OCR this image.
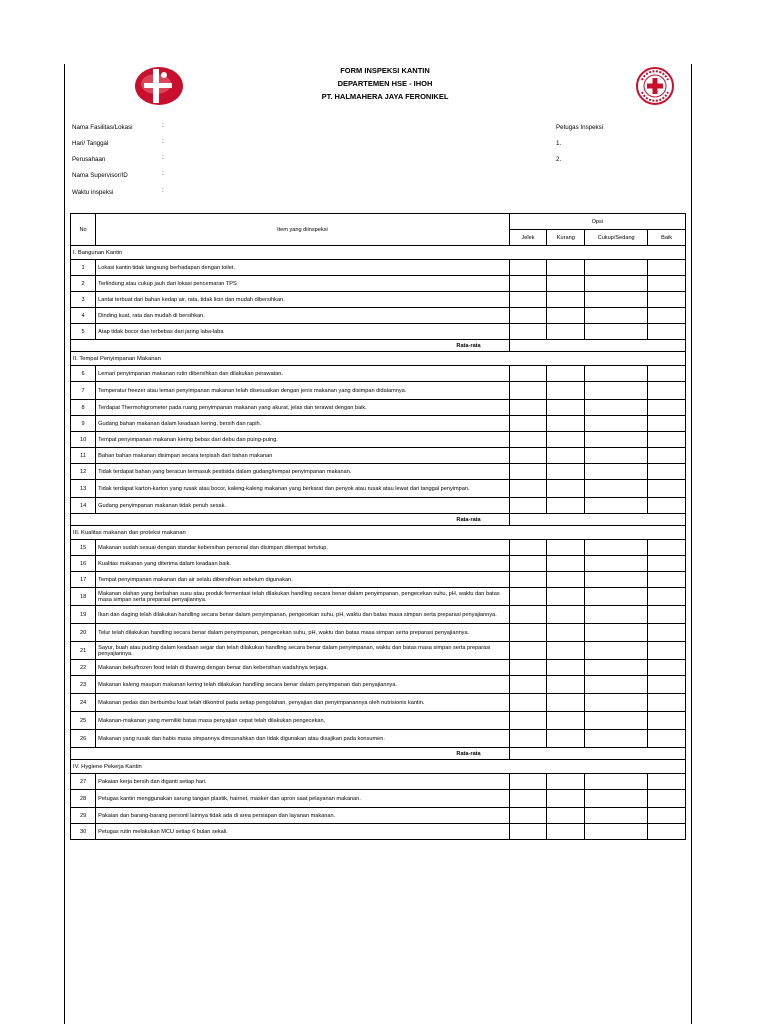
FORM INSPEKSI KANTIN
DEPARTEMEN HSE - IHOH
PT. HALMAHERA JAYA FERONIKEL
Nama Fasilitas/Lokasi	:
Hari/ Tanggal	:
Perusahaan	:
Nama Supervisor/ID	:
Waktu inspeksi	:
Petugas Inspeksi
1.
2.
No	Item yang diinspeksi	Opsi			
		Jelek	Kurang	Cukup/Sedang	Baik
I. Bangunan Kantin					
1	Lokasi kantin tidak langsung berhadapan dengan toilet.				
2	Terlindung atau cukup jauh dari lokasi pencemaran TPS				
3	Lantai terbuat dari bahan kedap air, rata, tidak licin dan mudah dibersihkan.				
4	Dinding kuat, rata dan mudah di bersihkan.				
5	Atap tidak bocor dan terbebas dari jaring laba-laba				
Rata-rata					
II. Tempat Penyimpanan Makanan					
6	Lemari penyimpanan makanan rutin dibersihkan dan dilakukan perawatan.				
7	Temperatur freezer atau lemari penyimpanan makanan telah disesuaikan dengan jenis makanan yang disimpan didalamnya.				
8	Terdapat Thermohigrometer pada ruang penyimpanan makanan yang akurat, jelas dan terawat dengan baik.				
9	Gudang bahan makanan dalam keadaan kering, bersih dan rapih.				
10	Tempat penyimpanan makanan kering bebas dari debu dan puing-puing.				
11	Bahan bahan makanan disimpan secara terpisah dari bahan makanan				
12	Tidak terdapat bahan yang beracun termasuk pestisida dalam gudang/tempat penyimpanan makanan.				
13	Tidak terdapat karton-karton yang rusak atau bocor, kaleng-kaleng makanan yang berkarat dan penyok atau rusak atau lewat dari tanggal penyimpan.				
14	Gudang penyimpanan makanan tidak penuh sesak.				
Rata-rata					
III. Kualitas makanan dan proteksi makanan					
15	Makanan sudah sesuai dengan standar kebersihan personal dan disimpan ditempat tertutup.				
16	Kualitas makanan yang diterima dalam keadaan baik.				
17	Tempat penyimpanan makanan dan air selalu dibersihkan sebelum digunakan.				
18	Makanan olahan yang berbahan susu atau produk fermentasi telah dilakukan handling secara benar dalam penyimpanan, pengecekan suhu, pH, waktu dan batas masa simpan serta preparasi penyajiannya.				
19	Ikan dan daging telah dilakukan handling secara benar dalam penyimpanan, pengecekan suhu, pH, waktu dan batas masa simpan serta preparasi penyajiannya.				
20	Telur telah dilakukan handling secara benar dalam penyimpanan, pengecekan suhu, pH, waktu dan batas masa simpan serta preparasi penyajiannya.				
21	Sayur, buah atau puding dalam keadaan segar dan telah dilakukan handling secara benar dalam penyimpanan, waktu dan batas masa simpan serta preparasi penyajiannya.				
22	Makanan beku/frozen food telah di thawing dengan benar dan kebersihan wadahnya terjaga.				
23	Makanan kaleng maupun makanan kering telah dilakukan handling secara benar dalam penyimpanan dan penyajiannya.				
24	Makanan pedas dan berbumbu kuat telah dikontrol pada setiap pengolahan, penyajian dan penyimpanannya oleh nutrisionis kantin.				
25	Makanan-makanan yang memiliki batas masa penyajian cepat telah dilakukan pengecekan.				
26	Makanan yang rusak dan habis masa simpannya dimusnahkan dan tidak digunakan atau disajikan pada konsumen.				
Rata-rata					
IV. Hygiene Pekerja Kantin					
27	Pakaian kerja bersih dan diganti setiap hari.				
28	Petugas kantin menggunakan sarung tangan plastik, hairnet, masker dan apron saat pelayanan makanan.				
29	Pakaian dan barang-barang personil lainnya tidak ada di area persiapan dan layanan makanan.				
30	Petugas rutin melakukan MCU setiap 6 bulan sekali.				
